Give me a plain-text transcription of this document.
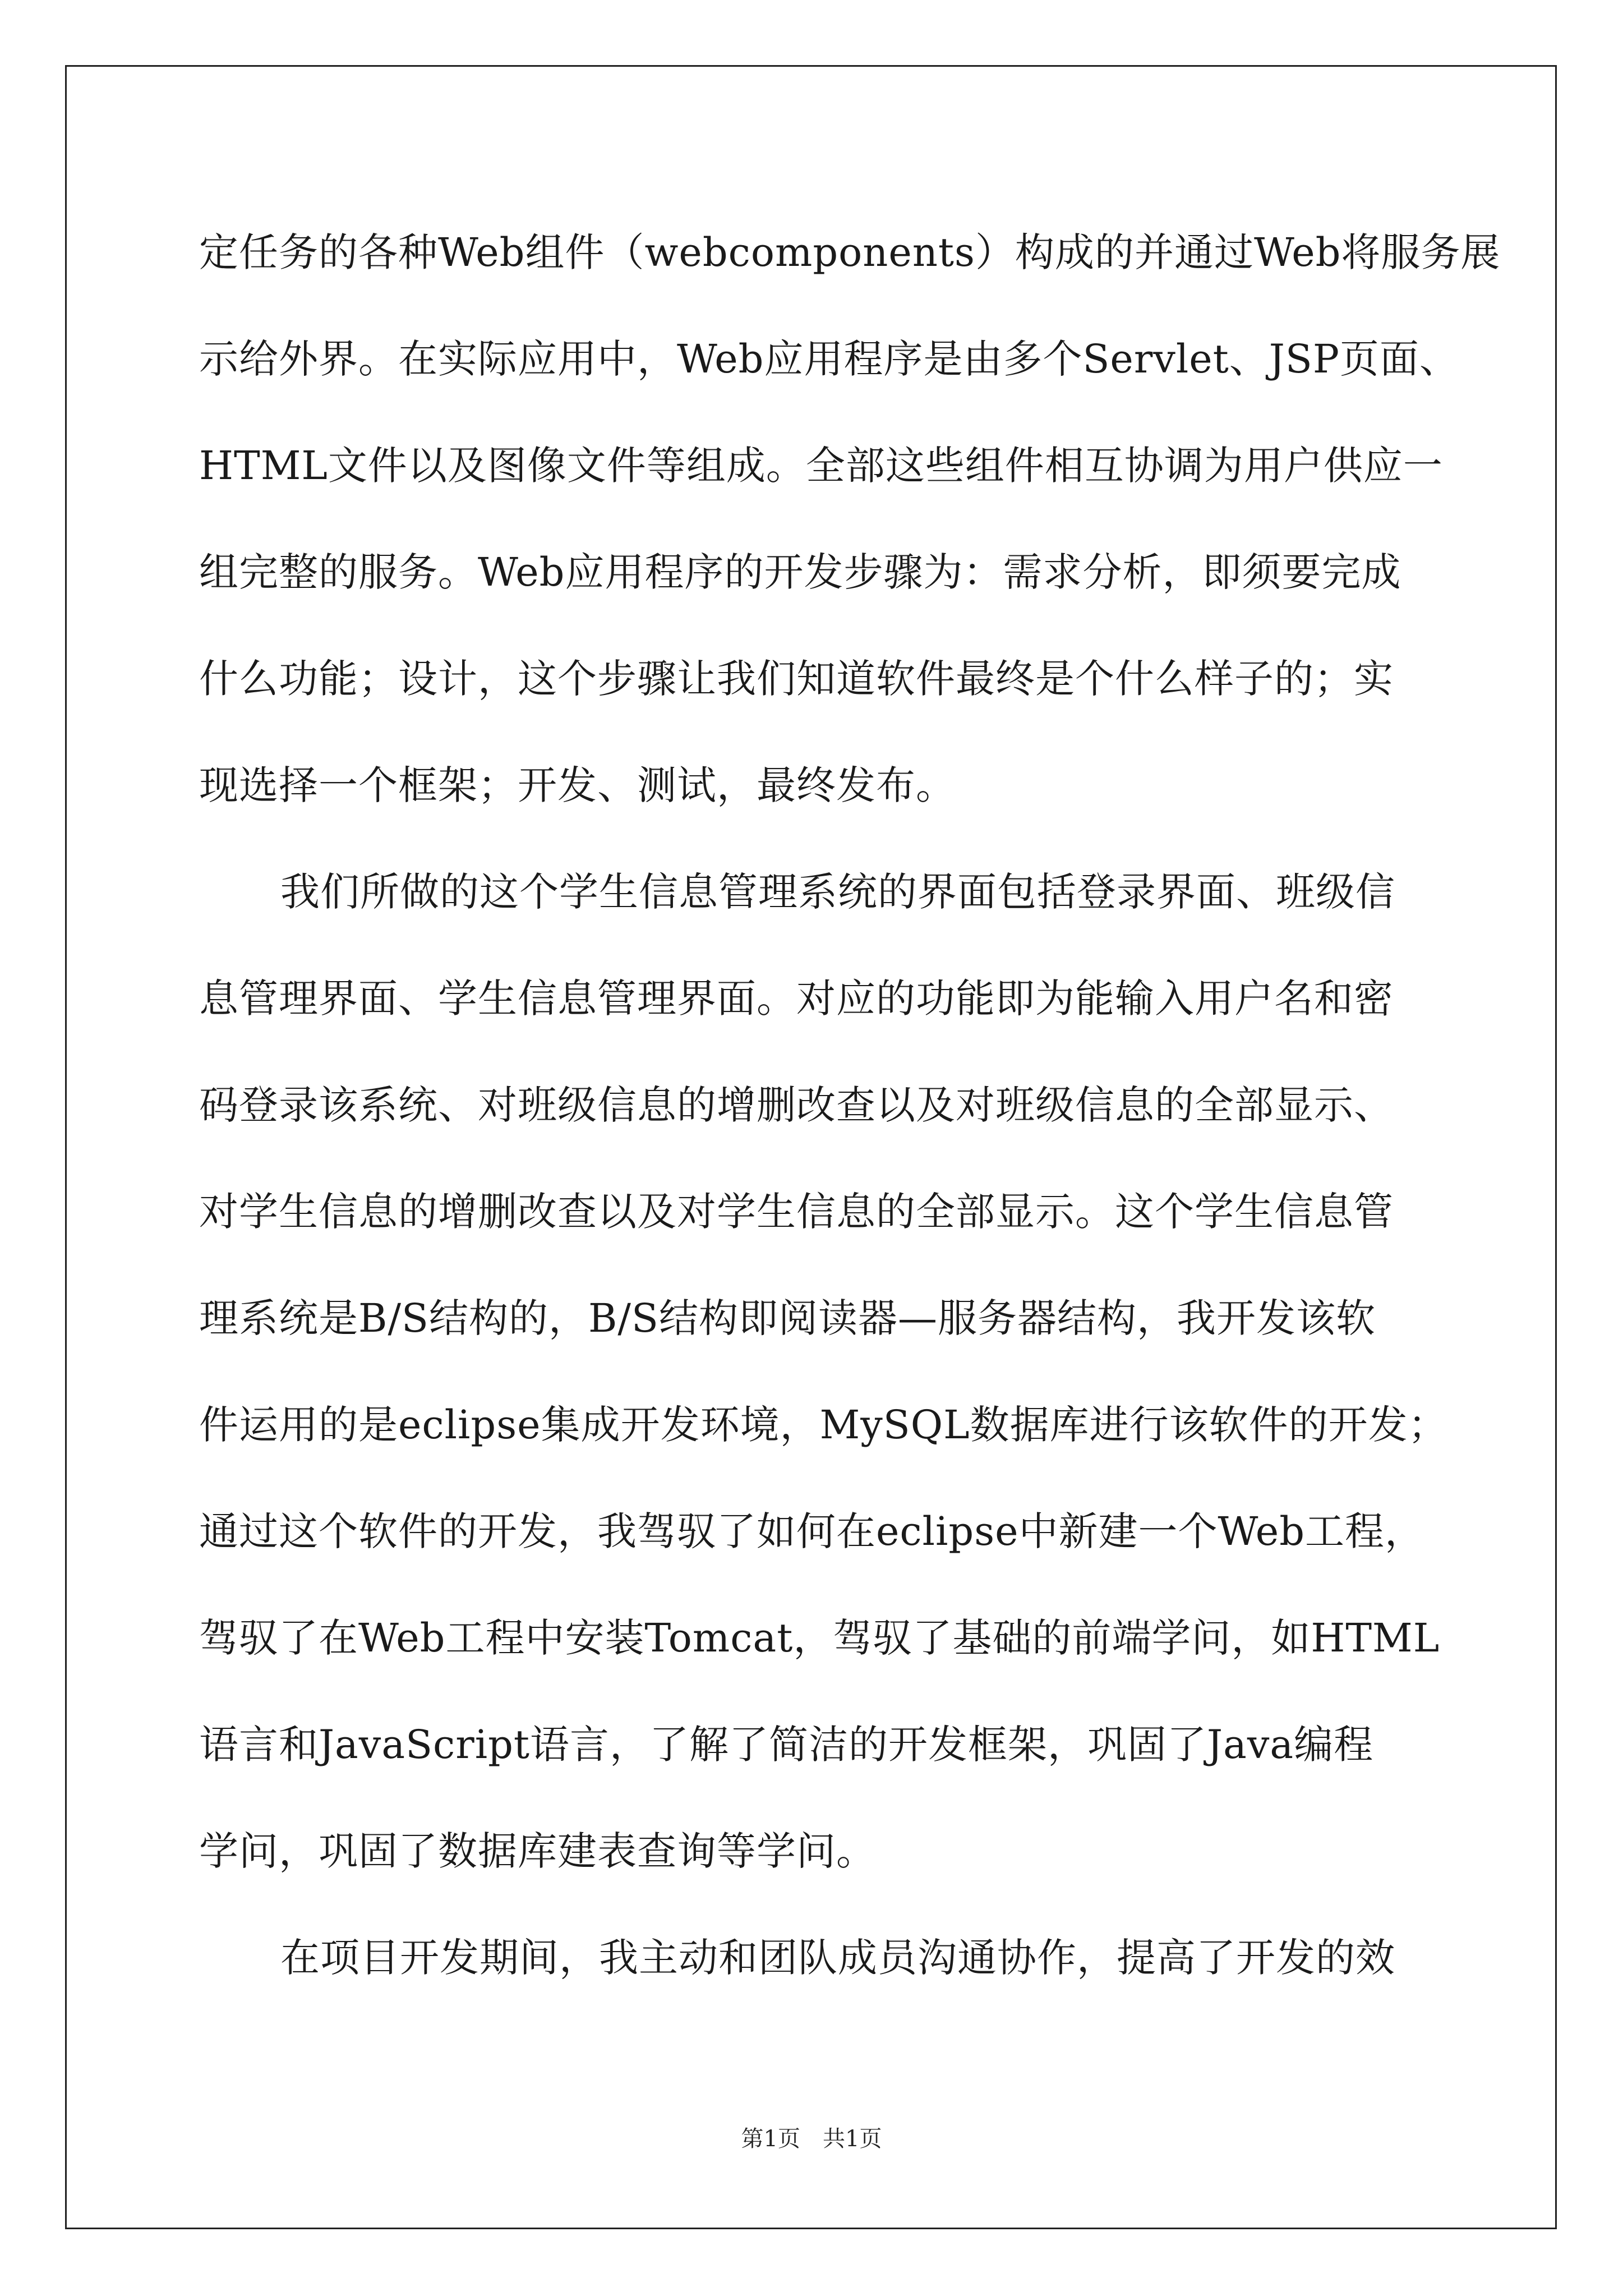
定任务的各种Web组件（webcomponents）构成的并通过Web将服务展
示给外界。在实际应用中，Web应用程序是由多个Servlet、JSP页面、
HTML文件以及图像文件等组成。全部这些组件相互协调为用户供应一
组完整的服务。Web应用程序的开发步骤为：需求分析，即须要完成
什么功能；设计，这个步骤让我们知道软件最终是个什么样子的；实
现选择一个框架；开发、测试，最终发布。
我们所做的这个学生信息管理系统的界面包括登录界面、班级信
息管理界面、学生信息管理界面。对应的功能即为能输入用户名和密
码登录该系统、对班级信息的增删改查以及对班级信息的全部显示、
对学生信息的增删改查以及对学生信息的全部显示。这个学生信息管
理系统是B/S结构的，B/S结构即阅读器—服务器结构，我开发该软
件运用的是eclipse集成开发环境，MySQL数据库进行该软件的开发；
通过这个软件的开发，我驾驭了如何在eclipse中新建一个Web工程，
驾驭了在Web工程中安装Tomcat，驾驭了基础的前端学问，如HTML
语言和JavaScript语言，了解了简洁的开发框架，巩固了Java编程
学问，巩固了数据库建表查询等学问。
在项目开发期间，我主动和团队成员沟通协作，提高了开发的效
第1页 共1页
